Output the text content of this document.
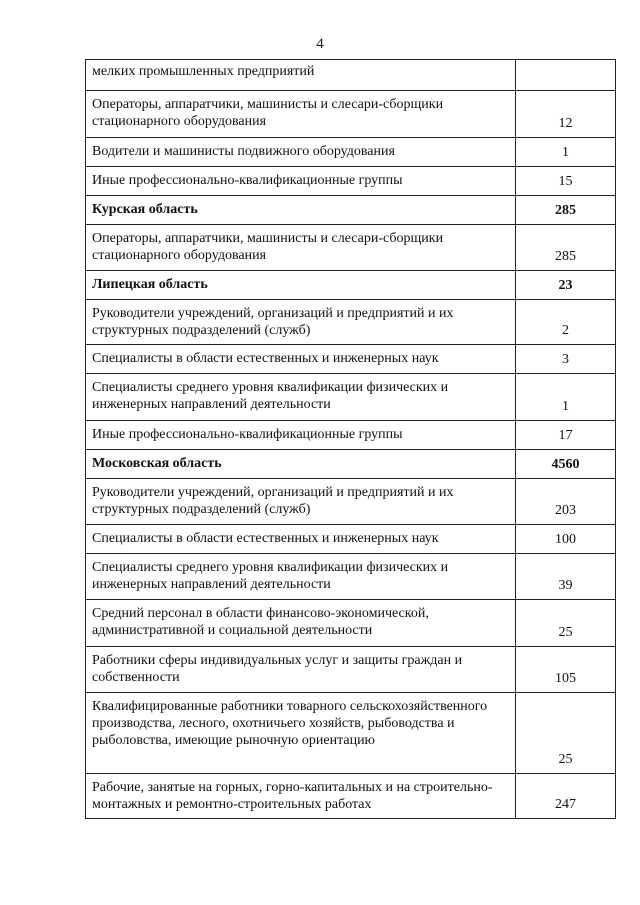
4
мелких промышленных предприятий	
Операторы, аппаратчики, машинисты и слесари-сборщики стационарного оборудования	12
Водители и машинисты подвижного оборудования	1
Иные профессионально-квалификационные группы	15
Курская область	285
Операторы, аппаратчики, машинисты и слесари-сборщики стационарного оборудования	285
Липецкая область	23
Руководители учреждений, организаций и предприятий и их структурных подразделений (служб)	2
Специалисты в области естественных и инженерных наук	3
Специалисты среднего уровня квалификации физических и инженерных направлений деятельности	1
Иные профессионально-квалификационные группы	17
Московская область	4560
Руководители учреждений, организаций и предприятий и их структурных подразделений (служб)	203
Специалисты в области естественных и инженерных наук	100
Специалисты среднего уровня квалификации физических и инженерных направлений деятельности	39
Средний персонал в области финансово-экономической, административной и социальной деятельности	25
Работники сферы индивидуальных услуг и защиты граждан и собственности	105
Квалифицированные работники товарного сельскохозяйственного производства, лесного, охотничьего хозяйств, рыбоводства и рыболовства, имеющие рыночную ориентацию	25
Рабочие, занятые на горных, горно-капитальных и на строительно-монтажных и ремонтно-строительных работах	247
